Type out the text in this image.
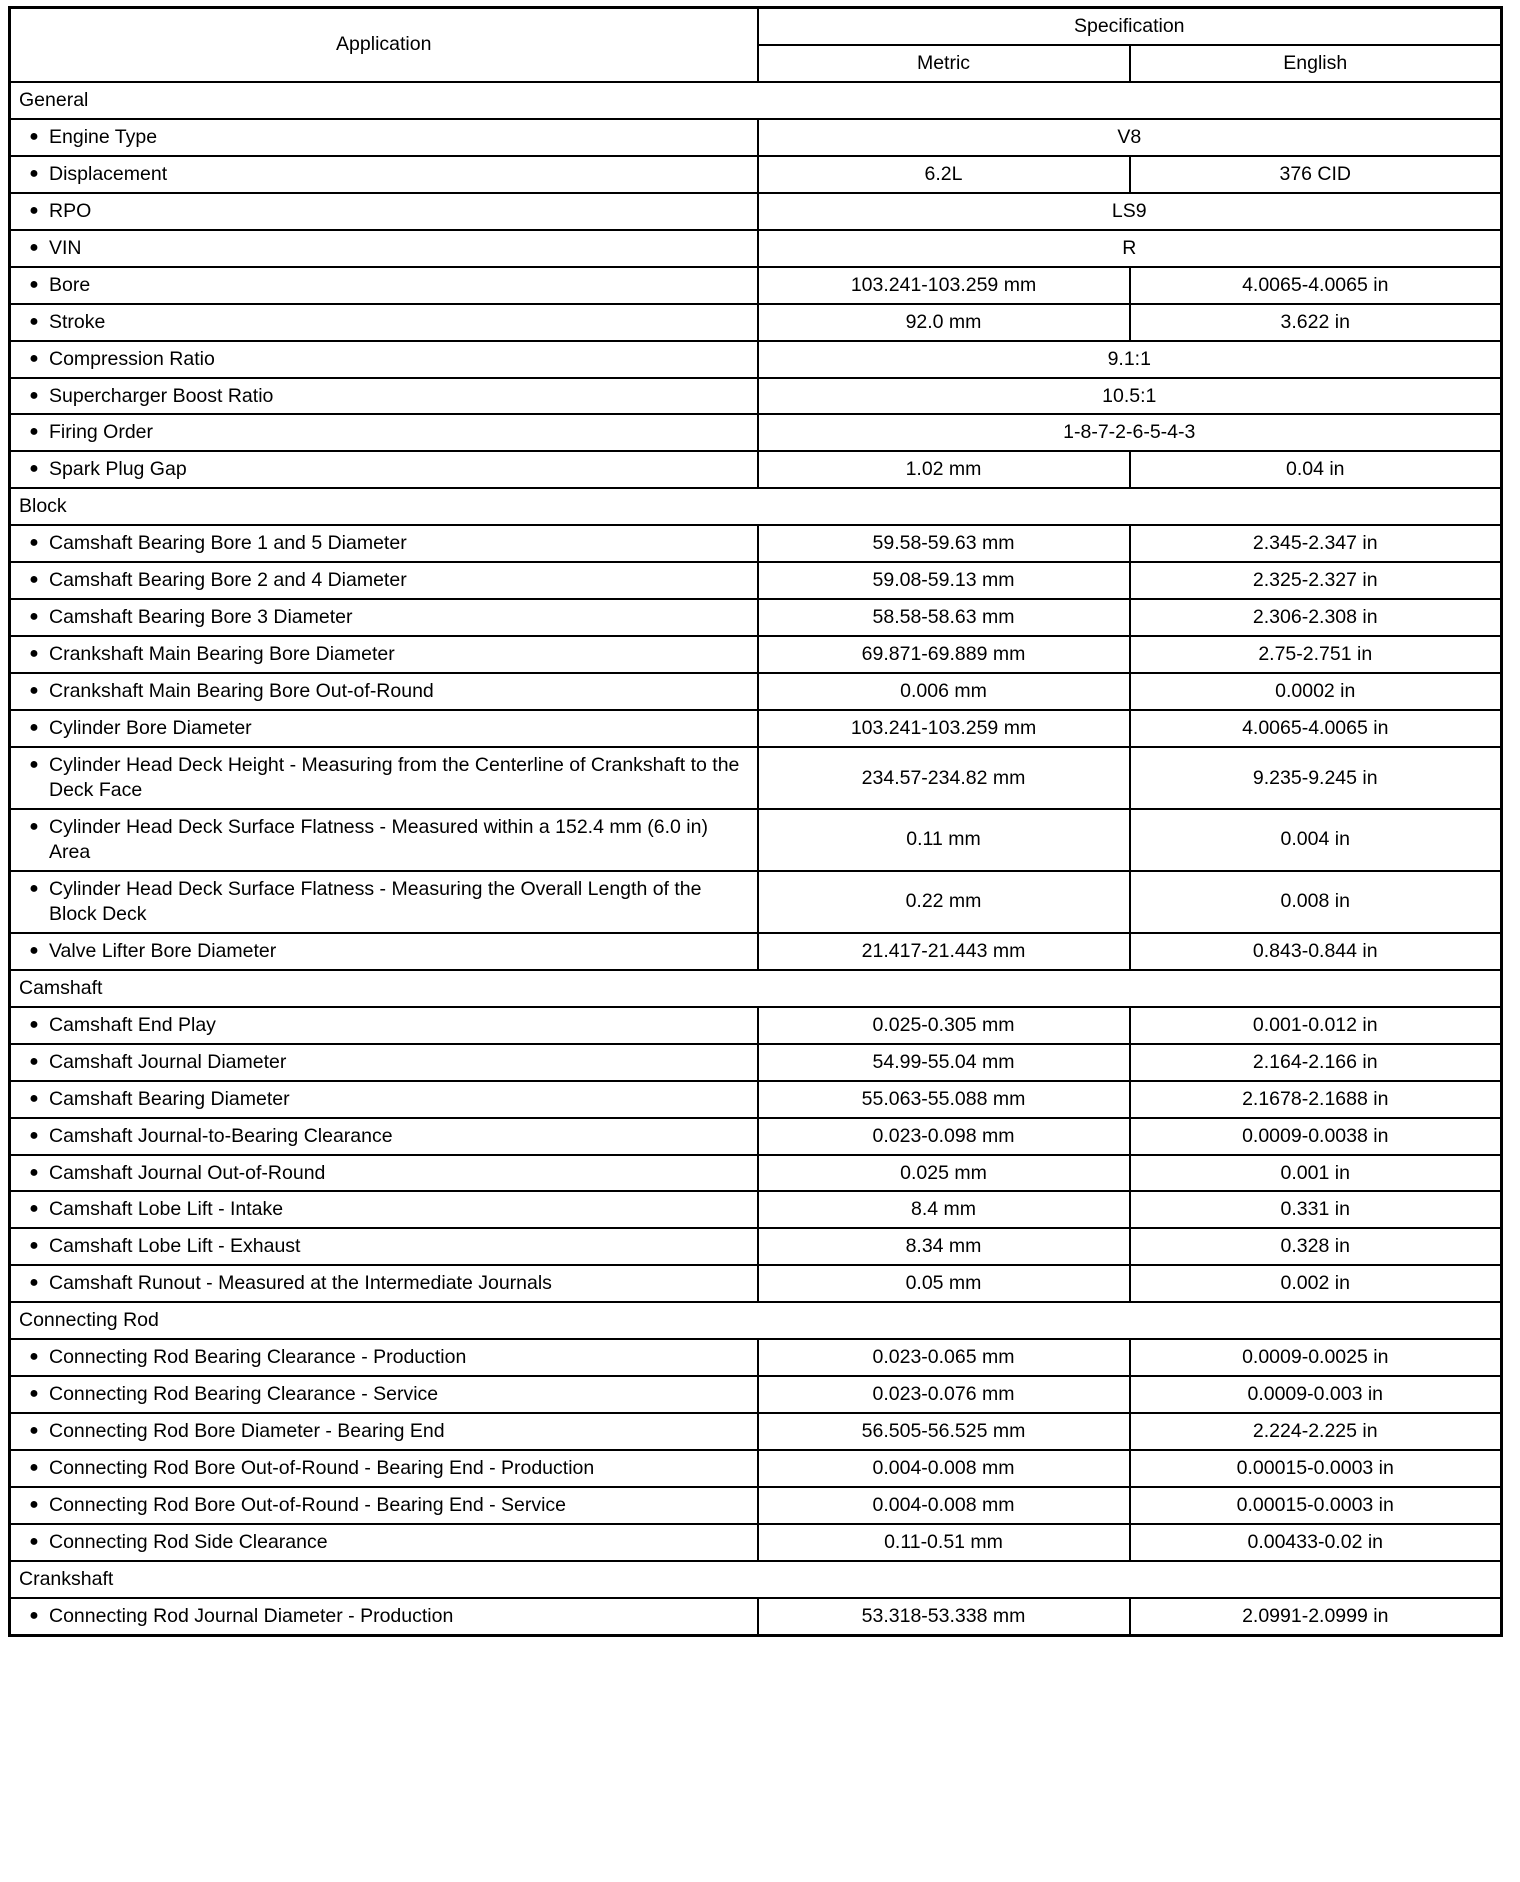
Application	Specification	
	Metric	English
General		

●
Engine Type	V8	

●
Displacement	6.2L	376 CID

●
RPO	LS9	

●
VIN	R	

●
Bore	103.241-103.259 mm	4.0065-4.0065 in

●
Stroke	92.0 mm	3.622 in

●
Compression Ratio	9.1:1	

●
Supercharger Boost Ratio	10.5:1	

●
Firing Order	1-8-7-2-6-5-4-3	

●
Spark Plug Gap	1.02 mm	0.04 in
Block		

●
Camshaft Bearing Bore 1 and 5 Diameter	59.58-59.63 mm	2.345-2.347 in

●
Camshaft Bearing Bore 2 and 4 Diameter	59.08-59.13 mm	2.325-2.327 in

●
Camshaft Bearing Bore 3 Diameter	58.58-58.63 mm	2.306-2.308 in

●
Crankshaft Main Bearing Bore Diameter	69.871-69.889 mm	2.75-2.751 in

●
Crankshaft Main Bearing Bore Out-of-Round	0.006 mm	0.0002 in

●
Cylinder Bore Diameter	103.241-103.259 mm	4.0065-4.0065 in

●
Cylinder Head Deck Height - Measuring from the Centerline of Crankshaft to the Deck Face	234.57-234.82 mm	9.235-9.245 in

●
Cylinder Head Deck Surface Flatness - Measured within a 152.4 mm (6.0 in) Area	0.11 mm	0.004 in

●
Cylinder Head Deck Surface Flatness - Measuring the Overall Length of the Block Deck	0.22 mm	0.008 in

●
Valve Lifter Bore Diameter	21.417-21.443 mm	0.843-0.844 in
Camshaft		

●
Camshaft End Play	0.025-0.305 mm	0.001-0.012 in

●
Camshaft Journal Diameter	54.99-55.04 mm	2.164-2.166 in

●
Camshaft Bearing Diameter	55.063-55.088 mm	2.1678-2.1688 in

●
Camshaft Journal-to-Bearing Clearance	0.023-0.098 mm	0.0009-0.0038 in

●
Camshaft Journal Out-of-Round	0.025 mm	0.001 in

●
Camshaft Lobe Lift - Intake	8.4 mm	0.331 in

●
Camshaft Lobe Lift - Exhaust	8.34 mm	0.328 in

●
Camshaft Runout - Measured at the Intermediate Journals	0.05 mm	0.002 in
Connecting Rod		

●
Connecting Rod Bearing Clearance - Production	0.023-0.065 mm	0.0009-0.0025 in

●
Connecting Rod Bearing Clearance - Service	0.023-0.076 mm	0.0009-0.003 in

●
Connecting Rod Bore Diameter - Bearing End	56.505-56.525 mm	2.224-2.225 in

●
Connecting Rod Bore Out-of-Round - Bearing End - Production	0.004-0.008 mm	0.00015-0.0003 in

●
Connecting Rod Bore Out-of-Round - Bearing End - Service	0.004-0.008 mm	0.00015-0.0003 in

●
Connecting Rod Side Clearance	0.11-0.51 mm	0.00433-0.02 in
Crankshaft		

●
Connecting Rod Journal Diameter - Production	53.318-53.338 mm	2.0991-2.0999 in
